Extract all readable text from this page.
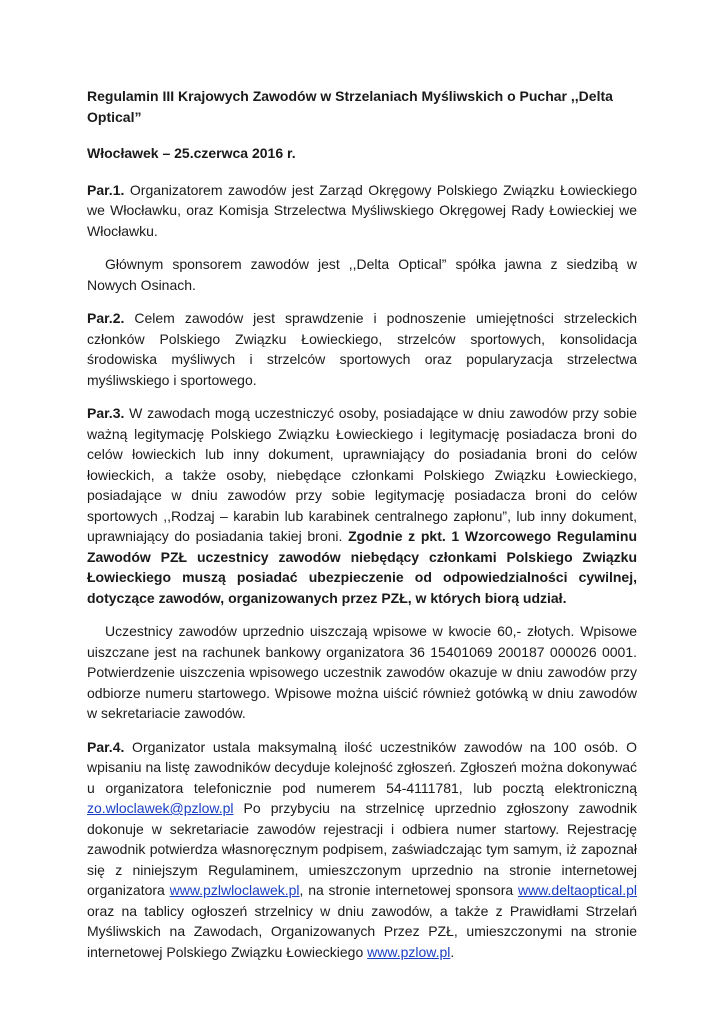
Regulamin III Krajowych Zawodów w Strzelaniach Myśliwskich o Puchar ,,Delta Optical”
Włocławek – 25.czerwca 2016 r.

Par.1. Organizatorem zawodów jest Zarząd Okręgowy Polskiego Związku Łowieckiego we Włocławku, oraz Komisja Strzelectwa Myśliwskiego Okręgowej Rady Łowieckiej we Włocławku.

Głównym sponsorem zawodów jest ,,Delta Optical” spółka jawna z siedzibą w Nowych Osinach.

Par.2. Celem zawodów jest sprawdzenie i podnoszenie umiejętności strzeleckich członków Polskiego Związku Łowieckiego, strzelców sportowych, konsolidacja środowiska myśliwych i strzelców sportowych oraz popularyzacja strzelectwa myśliwskiego i sportowego.

Par.3. W zawodach mogą uczestniczyć osoby, posiadające w dniu zawodów przy sobie ważną legitymację Polskiego Związku Łowieckiego i legitymację posiadacza broni do celów łowieckich lub inny dokument, uprawniający do posiadania broni do celów łowieckich, a także osoby, niebędące członkami Polskiego Związku Łowieckiego, posiadające w dniu zawodów przy sobie legitymację posiadacza broni do celów sportowych ,,Rodzaj – karabin lub karabinek centralnego zapłonu”, lub inny dokument, uprawniający do posiadania takiej broni. Zgodnie z pkt. 1 Wzorcowego Regulaminu Zawodów PZŁ uczestnicy zawodów niebędący członkami Polskiego Związku Łowieckiego muszą posiadać ubezpieczenie od odpowiedzialności cywilnej, dotyczące zawodów, organizowanych przez PZŁ, w których biorą udział.

Uczestnicy zawodów uprzednio uiszczają wpisowe w kwocie 60,- złotych. Wpisowe uiszczane jest na rachunek bankowy organizatora 36 15401069 200187 000026 0001. Potwierdzenie uiszczenia wpisowego uczestnik zawodów okazuje w dniu zawodów przy odbiorze numeru startowego. Wpisowe można uiścić również gotówką w dniu zawodów w sekretariacie zawodów.

Par.4. Organizator ustala maksymalną ilość uczestników zawodów na 100 osób. O wpisaniu na listę zawodników decyduje kolejność zgłoszeń. Zgłoszeń można dokonywać u organizatora telefonicznie pod numerem 54-4111781, lub pocztą elektroniczną zo.wloclawek@pzlow.pl Po przybyciu na strzelnicę uprzednio zgłoszony zawodnik dokonuje w sekretariacie zawodów rejestracji i odbiera numer startowy. Rejestrację zawodnik potwierdza własnoręcznym podpisem, zaświadczając tym samym, iż zapoznał się z niniejszym Regulaminem, umieszczonym uprzednio na stronie internetowej organizatora www.pzlwloclawek.pl, na stronie internetowej sponsora www.deltaoptical.pl   oraz na tablicy ogłoszeń strzelnicy w dniu zawodów, a także z Prawidłami Strzelań Myśliwskich na Zawodach, Organizowanych Przez PZŁ, umieszczonymi na stronie internetowej Polskiego Związku Łowieckiego www.pzlow.pl.
